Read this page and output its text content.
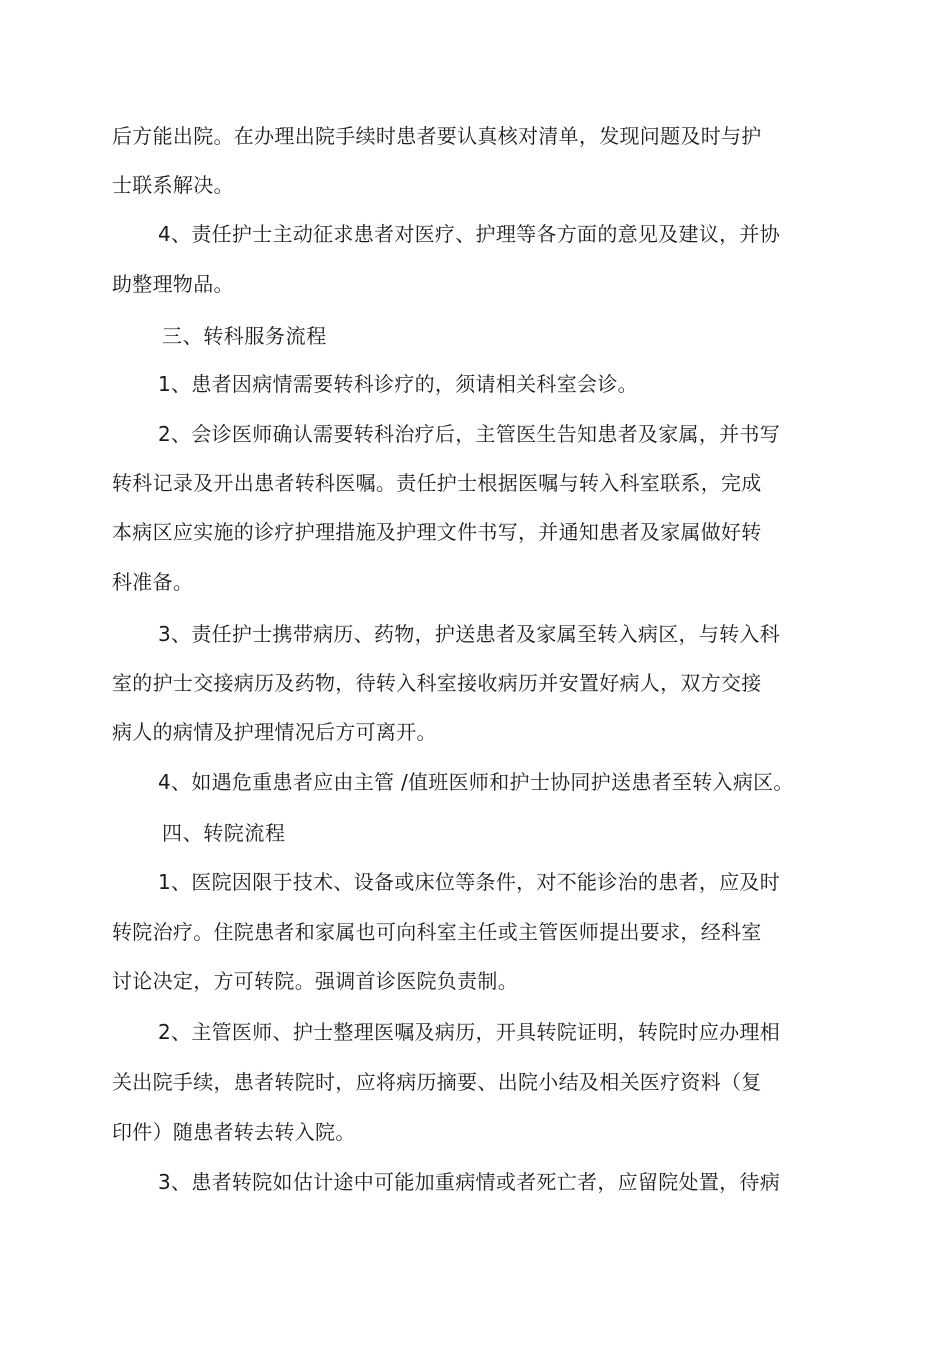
后方能出院。在办理出院手续时患者要认真核对清单，发现问题及时与护
士联系解决。
4、责任护士主动征求患者对医疗、护理等各方面的意见及建议，并协
助整理物品。
三、转科服务流程
1、患者因病情需要转科诊疗的，须请相关科室会诊。
2、会诊医师确认需要转科治疗后，主管医生告知患者及家属，并书写
转科记录及开出患者转科医嘱。责任护士根据医嘱与转入科室联系，完成
本病区应实施的诊疗护理措施及护理文件书写，并通知患者及家属做好转
科准备。
3、责任护士携带病历、药物，护送患者及家属至转入病区，与转入科
室的护士交接病历及药物，待转入科室接收病历并安置好病人，双方交接
病人的病情及护理情况后方可离开。
4、如遇危重患者应由主管 /值班医师和护士协同护送患者至转入病区。
四、转院流程
1、医院因限于技术、设备或床位等条件，对不能诊治的患者，应及时
转院治疗。住院患者和家属也可向科室主任或主管医师提出要求，经科室
讨论决定，方可转院。强调首诊医院负责制。
2、主管医师、护士整理医嘱及病历，开具转院证明，转院时应办理相
关出院手续，患者转院时，应将病历摘要、出院小结及相关医疗资料（复
印件）随患者转去转入院。
3、患者转院如估计途中可能加重病情或者死亡者，应留院处置，待病
